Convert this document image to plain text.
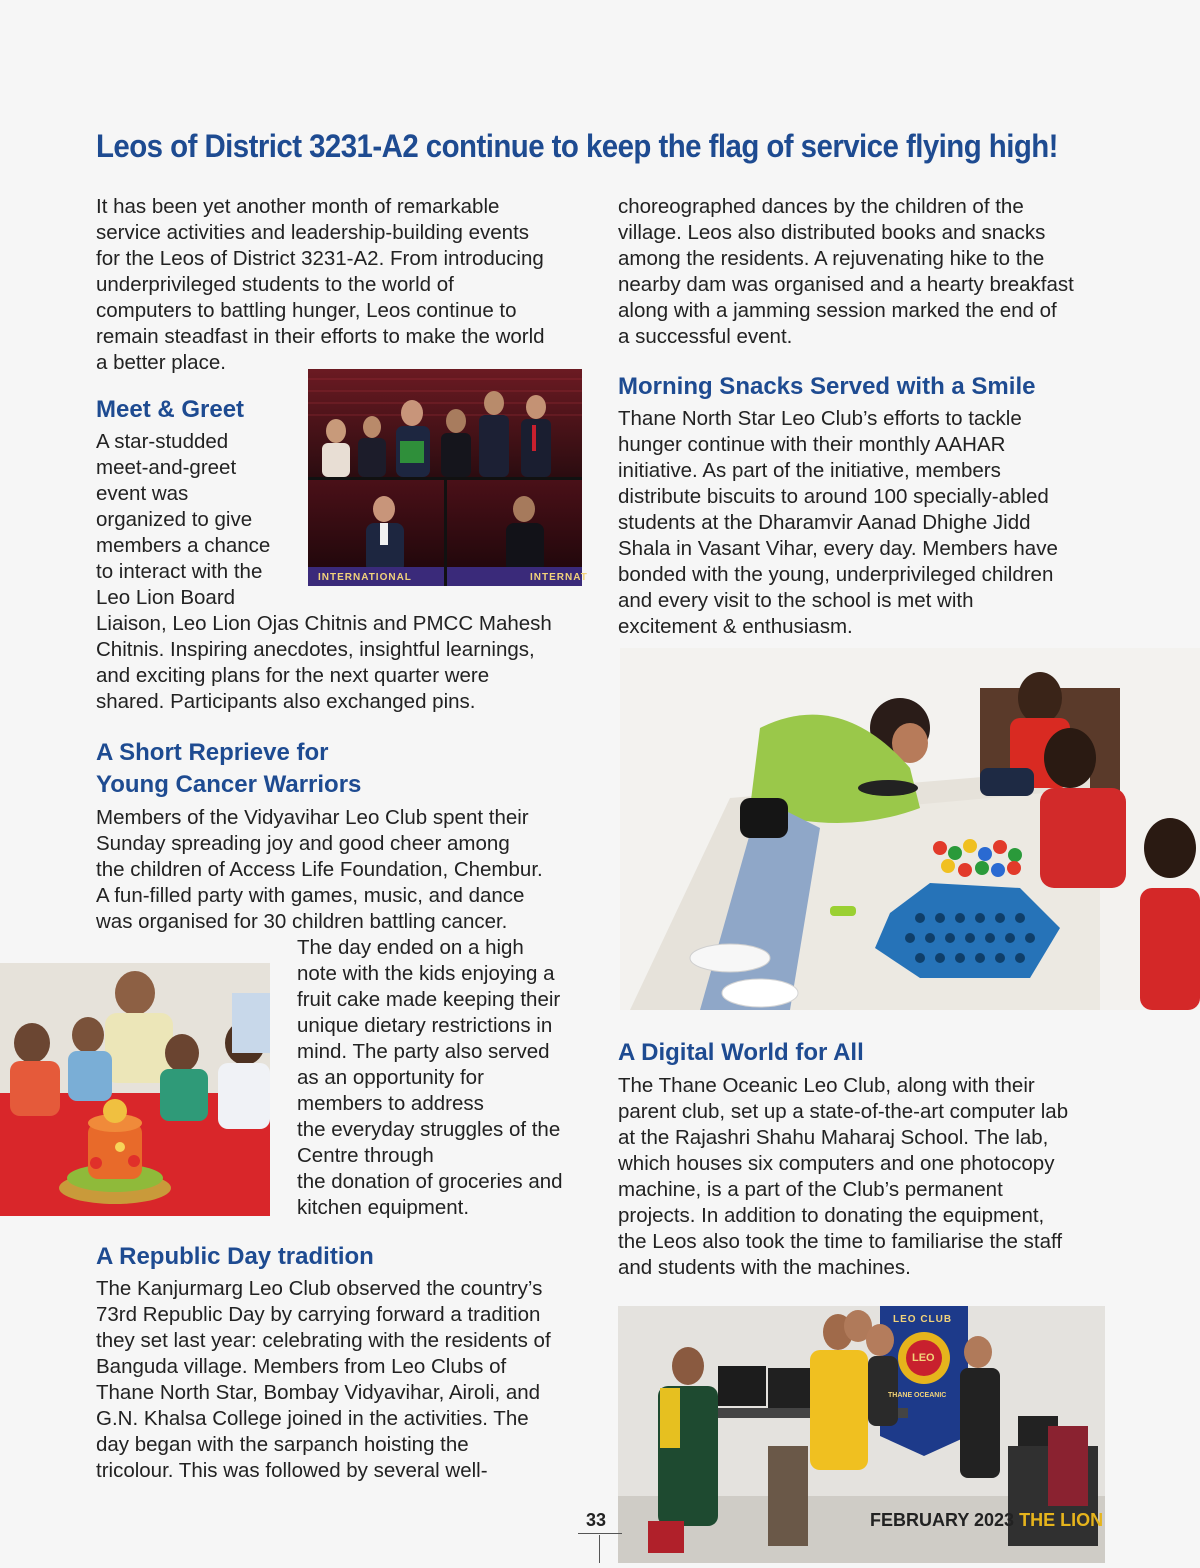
Leos of District 3231-A2 continue to keep the flag of service flying high!

It has been yet another month of remarkable

service activities and leadership-building events

for the Leos of District 3231-A2. From introducing

underprivileged students to the world of

computers to battling hunger, Leos continue to

remain steadfast in their efforts to make the world

a better place.

Meet & Greet

A star-studded

meet-and-greet

event was

organized to give

members a chance

to interact with the

Leo Lion Board

Liaison, Leo Lion Ojas Chitnis and PMCC Mahesh

Chitnis. Inspiring anecdotes, insightful learnings,

and exciting plans for the next quarter were

shared. Participants also exchanged pins.

INTERNATIONAL	INTERNAT
A Short Reprieve for
Young Cancer Warriors

Members of the Vidyavihar Leo Club spent their

Sunday spreading joy and good cheer among

the children of Access Life Foundation, Chembur.

A fun-filled party with games, music, and dance

was organised for 30 children battling cancer.

The day ended on a high

note with the kids enjoying a

fruit cake made keeping their

unique dietary restrictions in

mind. The party also served

as an opportunity for

members to address

the everyday struggles of the

Centre through

the donation of groceries and

kitchen equipment.

A Republic Day tradition

The Kanjurmarg Leo Club observed the country’s

73rd Republic Day by carrying forward a tradition

they set last year: celebrating with the residents of

Banguda village. Members from Leo Clubs of

Thane North Star, Bombay Vidyavihar, Airoli, and

G.N. Khalsa College joined in the activities. The

day began with the sarpanch hoisting the

tricolour. This was followed by several well-

choreographed dances by the children of the

village. Leos also distributed books and snacks

among the residents. A rejuvenating hike to the

nearby dam was organised and a hearty breakfast

along with a jamming session marked the end of

a successful event.

Morning Snacks Served with a Smile

Thane North Star Leo Club’s efforts to tackle

hunger continue with their monthly AAHAR

initiative. As part of the initiative, members

distribute biscuits to around 100 specially-abled

students at the Dharamvir Aanad Dhighe Jidd

Shala in Vasant Vihar, every day. Members have

bonded with the young, underprivileged children

and every visit to the school is met with

excitement & enthusiasm.

A Digital World for All

The Thane Oceanic Leo Club, along with their

parent club, set up a state-of-the-art computer lab

at the Rajashri Shahu Maharaj School. The lab,

which houses six computers and one photocopy

machine, is a part of the Club’s permanent

projects. In addition to donating the equipment,

the Leos also took the time to familiarise the staff

and students with the machines.

LEO CLUB
LEO
THANE OCEANIC
33	FEBRUARY 2023 THE LION
